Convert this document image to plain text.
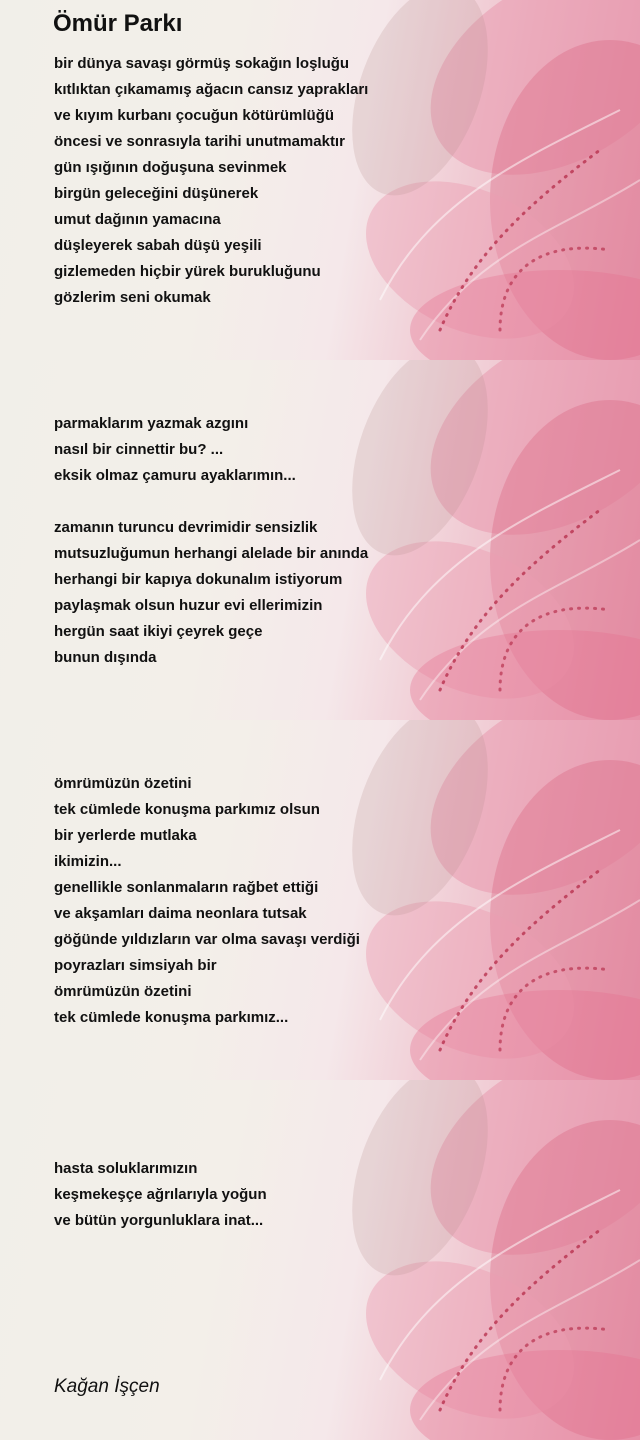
Ömür Parkı
bir dünya savaşı görmüş sokağın loşluğu
kıtlıktan çıkamamış ağacın cansız yaprakları
ve kıyım kurbanı çocuğun kötürümlüğü
öncesi ve sonrasıyla tarihi unutmamaktır
gün ışığının doğuşuna sevinmek
birgün geleceğini düşünerek
umut dağının yamacına
düşleyerek sabah düşü yeşili
gizlemeden hiçbir yürek burukluğunu
gözlerim seni okumak
parmaklarım yazmak azgını
nasıl bir cinnettir bu? ...
eksik olmaz çamuru ayaklarımın...
zamanın turuncu devrimidir sensizlik
mutsuzluğumun herhangi alelade bir anında
herhangi bir kapıya dokunalım istiyorum
paylaşmak olsun huzur evi ellerimizin
hergün saat ikiyi çeyrek geçe
bunun dışında
ömrümüzün özetini
tek cümlede konuşma parkımız olsun
bir yerlerde mutlaka
ikimizin...
genellikle sonlanmaların rağbet ettiği
ve akşamları daima neonlara tutsak
göğünde yıldızların var olma savaşı verdiği
poyrazları simsiyah bir
ömrümüzün özetini
tek cümlede konuşma parkımız...
hasta soluklarımızın
keşmekeşçe ağrılarıyla yoğun
ve bütün yorgunluklara inat...
Kağan İşçen
